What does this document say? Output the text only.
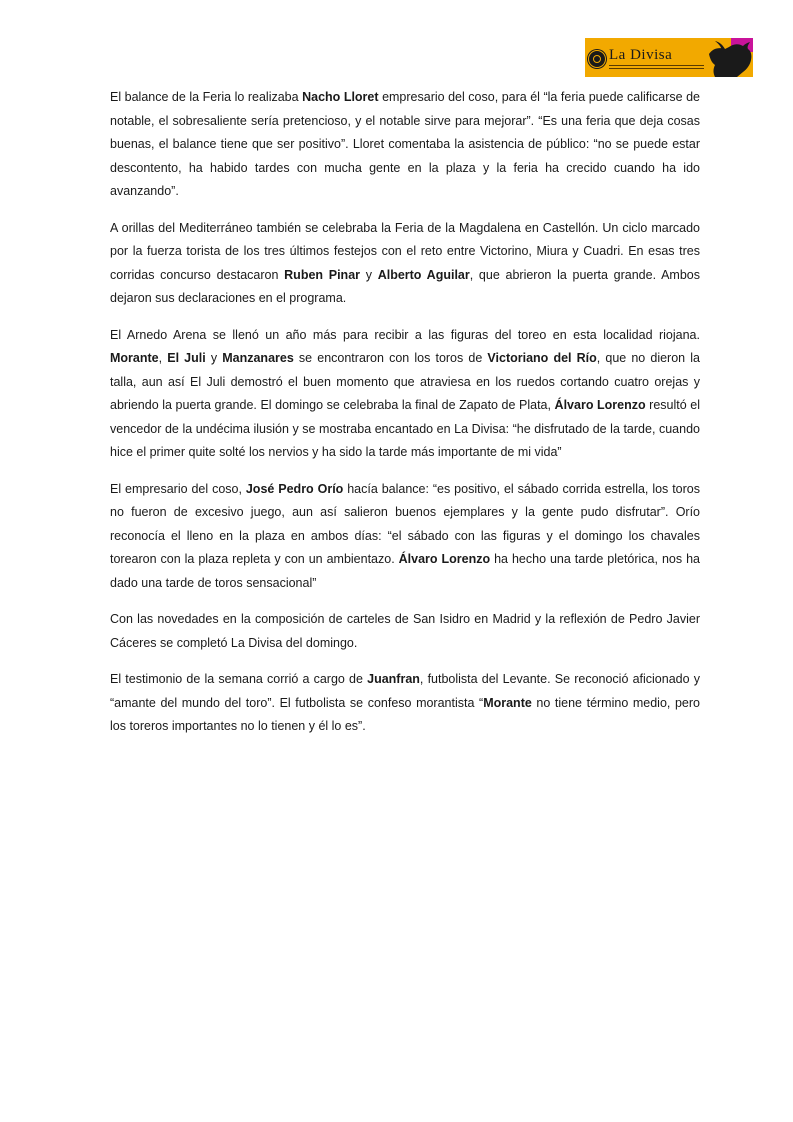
La Divisa

El balance de la Feria lo realizaba Nacho Lloret empresario del coso, para él “la feria puede calificarse de notable, el sobresaliente sería pretencioso, y el notable sirve para mejorar”. “Es una feria que deja cosas buenas, el balance tiene que ser positivo”. Lloret comentaba la asistencia de público: “no se puede estar descontento, ha habido tardes con mucha gente en la plaza y la feria ha crecido cuando ha ido avanzando”.

A orillas del Mediterráneo también se celebraba la Feria de la Magdalena en Castellón. Un ciclo marcado por la fuerza torista de los tres últimos festejos con el reto entre Victorino, Miura y Cuadri. En esas tres corridas concurso destacaron Ruben Pinar y Alberto Aguilar, que abrieron la puerta grande. Ambos dejaron sus declaraciones en el programa.

El Arnedo Arena se llenó un año más para recibir a las figuras del toreo en esta localidad riojana. Morante, El Juli y Manzanares se encontraron con los toros de Victoriano del Río, que no dieron la talla, aun así El Juli demostró el buen momento que atraviesa en los ruedos cortando cuatro orejas y abriendo la puerta grande. El domingo se celebraba la final de Zapato de Plata, Álvaro Lorenzo resultó el vencedor de la undécima ilusión y se mostraba encantado en La Divisa: “he disfrutado de la tarde, cuando hice el primer quite solté los nervios y ha sido la tarde más importante de mi vida”

El empresario del coso, José Pedro Orío hacía balance: “es positivo, el sábado corrida estrella, los toros no fueron de excesivo juego, aun así salieron buenos ejemplares y la gente pudo disfrutar”. Orío reconocía el lleno en la plaza en ambos días: “el sábado con las figuras y el domingo los chavales torearon con la plaza repleta y con un ambientazo. Álvaro Lorenzo ha hecho una tarde pletórica, nos ha dado una tarde de toros sensacional”

Con las novedades en la composición de carteles de San Isidro en Madrid y la reflexión de Pedro Javier Cáceres se completó La Divisa del domingo.

El testimonio de la semana corrió a cargo de Juanfran, futbolista del Levante. Se reconoció aficionado y “amante del mundo del toro”. El futbolista se confeso morantista “Morante no tiene término medio, pero los toreros importantes no lo tienen y él lo es”.
